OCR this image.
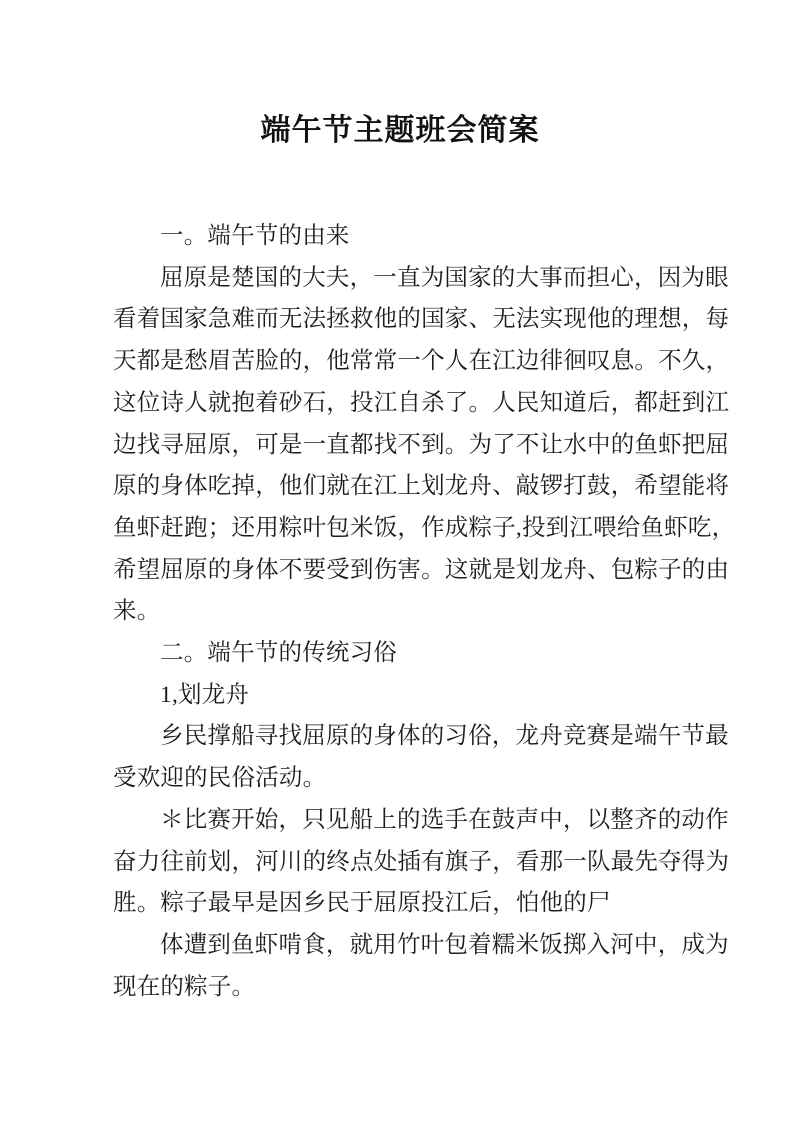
端午节主题班会简案
一。端午节的由来
屈原是楚国的大夫，一直为国家的大事而担心，因为眼
看着国家急难而无法拯救他的国家、无法实现他的理想，每
天都是愁眉苦脸的，他常常一个人在江边徘徊叹息。不久，
这位诗人就抱着砂石，投江自杀了。人民知道后，都赶到江
边找寻屈原，可是一直都找不到。为了不让水中的鱼虾把屈
原的身体吃掉，他们就在江上划龙舟、敲锣打鼓，希望能将
鱼虾赶跑；还用粽叶包米饭，作成粽子,投到江喂给鱼虾吃，
希望屈原的身体不要受到伤害。这就是划龙舟、包粽子的由
来。
二。端午节的传统习俗
1,划龙舟
乡民撑船寻找屈原的身体的习俗，龙舟竞赛是端午节最
受欢迎的民俗活动。
＊比赛开始，只见船上的选手在鼓声中，以整齐的动作
奋力往前划，河川的终点处插有旗子，看那一队最先夺得为
胜。粽子最早是因乡民于屈原投江后，怕他的尸
体遭到鱼虾啃食，就用竹叶包着糯米饭掷入河中，成为
现在的粽子。
